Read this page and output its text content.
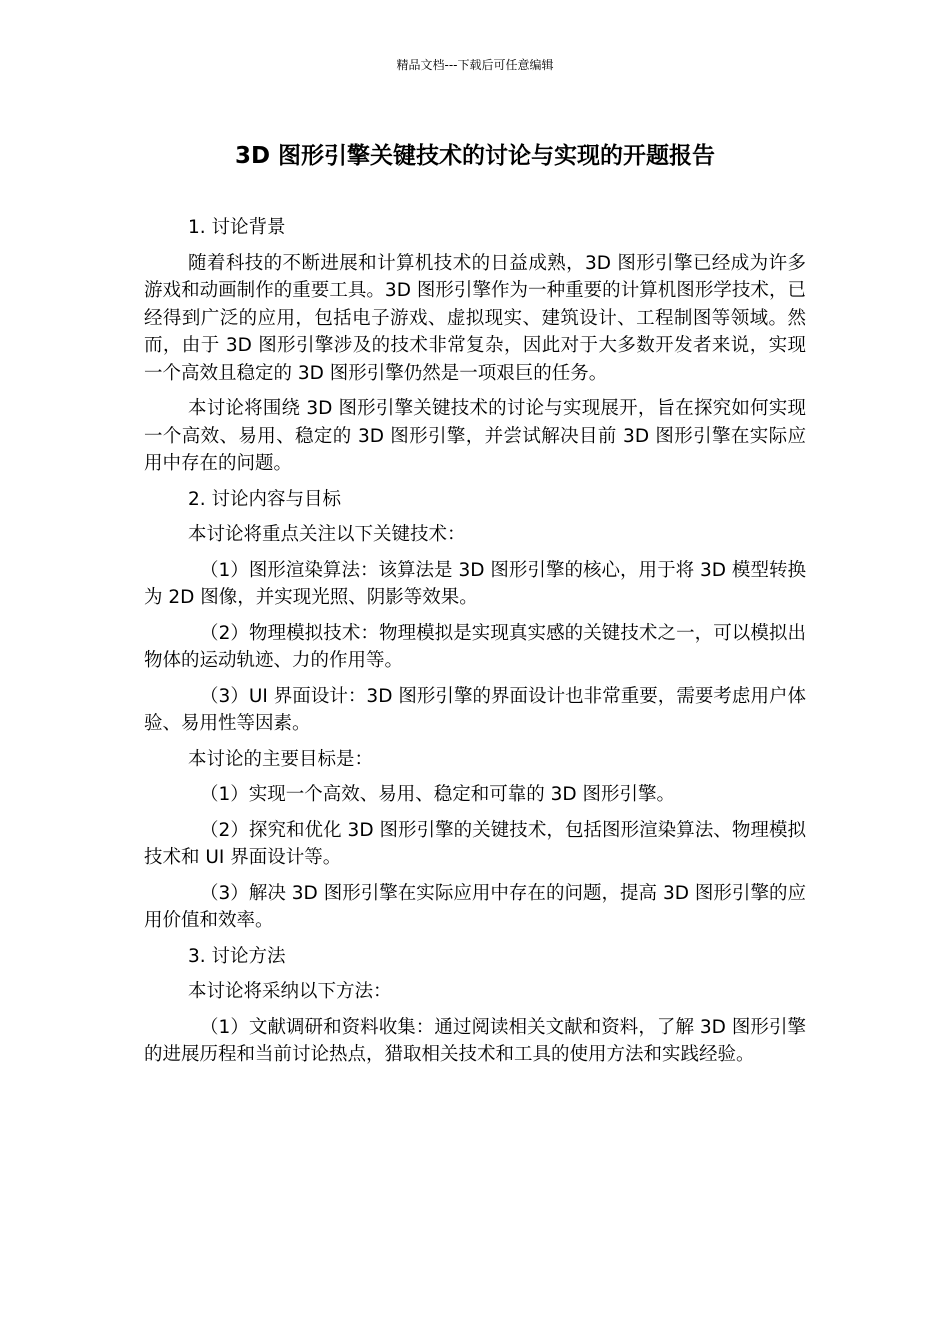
精品文档---下载后可任意编辑
3D 图形引擎关键技术的讨论与实现的开题报告

1. 讨论背景

随着科技的不断进展和计算机技术的日益成熟，3D 图形引擎已经成为许多游戏和动画制作的重要工具。3D 图形引擎作为一种重要的计算机图形学技术，已经得到广泛的应用，包括电子游戏、虚拟现实、建筑设计、工程制图等领域。然而，由于 3D 图形引擎涉及的技术非常复杂，因此对于大多数开发者来说，实现一个高效且稳定的 3D 图形引擎仍然是一项艰巨的任务。

本讨论将围绕 3D 图形引擎关键技术的讨论与实现展开，旨在探究如何实现一个高效、易用、稳定的 3D 图形引擎，并尝试解决目前 3D 图形引擎在实际应用中存在的问题。

2. 讨论内容与目标

本讨论将重点关注以下关键技术：

（1）图形渲染算法：该算法是 3D 图形引擎的核心，用于将 3D 模型转换为 2D 图像，并实现光照、阴影等效果。

（2）物理模拟技术：物理模拟是实现真实感的关键技术之一，可以模拟出物体的运动轨迹、力的作用等。

（3）UI 界面设计：3D 图形引擎的界面设计也非常重要，需要考虑用户体验、易用性等因素。

本讨论的主要目标是：

（1）实现一个高效、易用、稳定和可靠的 3D 图形引擎。

（2）探究和优化 3D 图形引擎的关键技术，包括图形渲染算法、物理模拟技术和 UI 界面设计等。

（3）解决 3D 图形引擎在实际应用中存在的问题，提高 3D 图形引擎的应用价值和效率。

3. 讨论方法

本讨论将采纳以下方法：

（1）文献调研和资料收集：通过阅读相关文献和资料，了解 3D 图形引擎的进展历程和当前讨论热点，猎取相关技术和工具的使用方法和实践经验。
